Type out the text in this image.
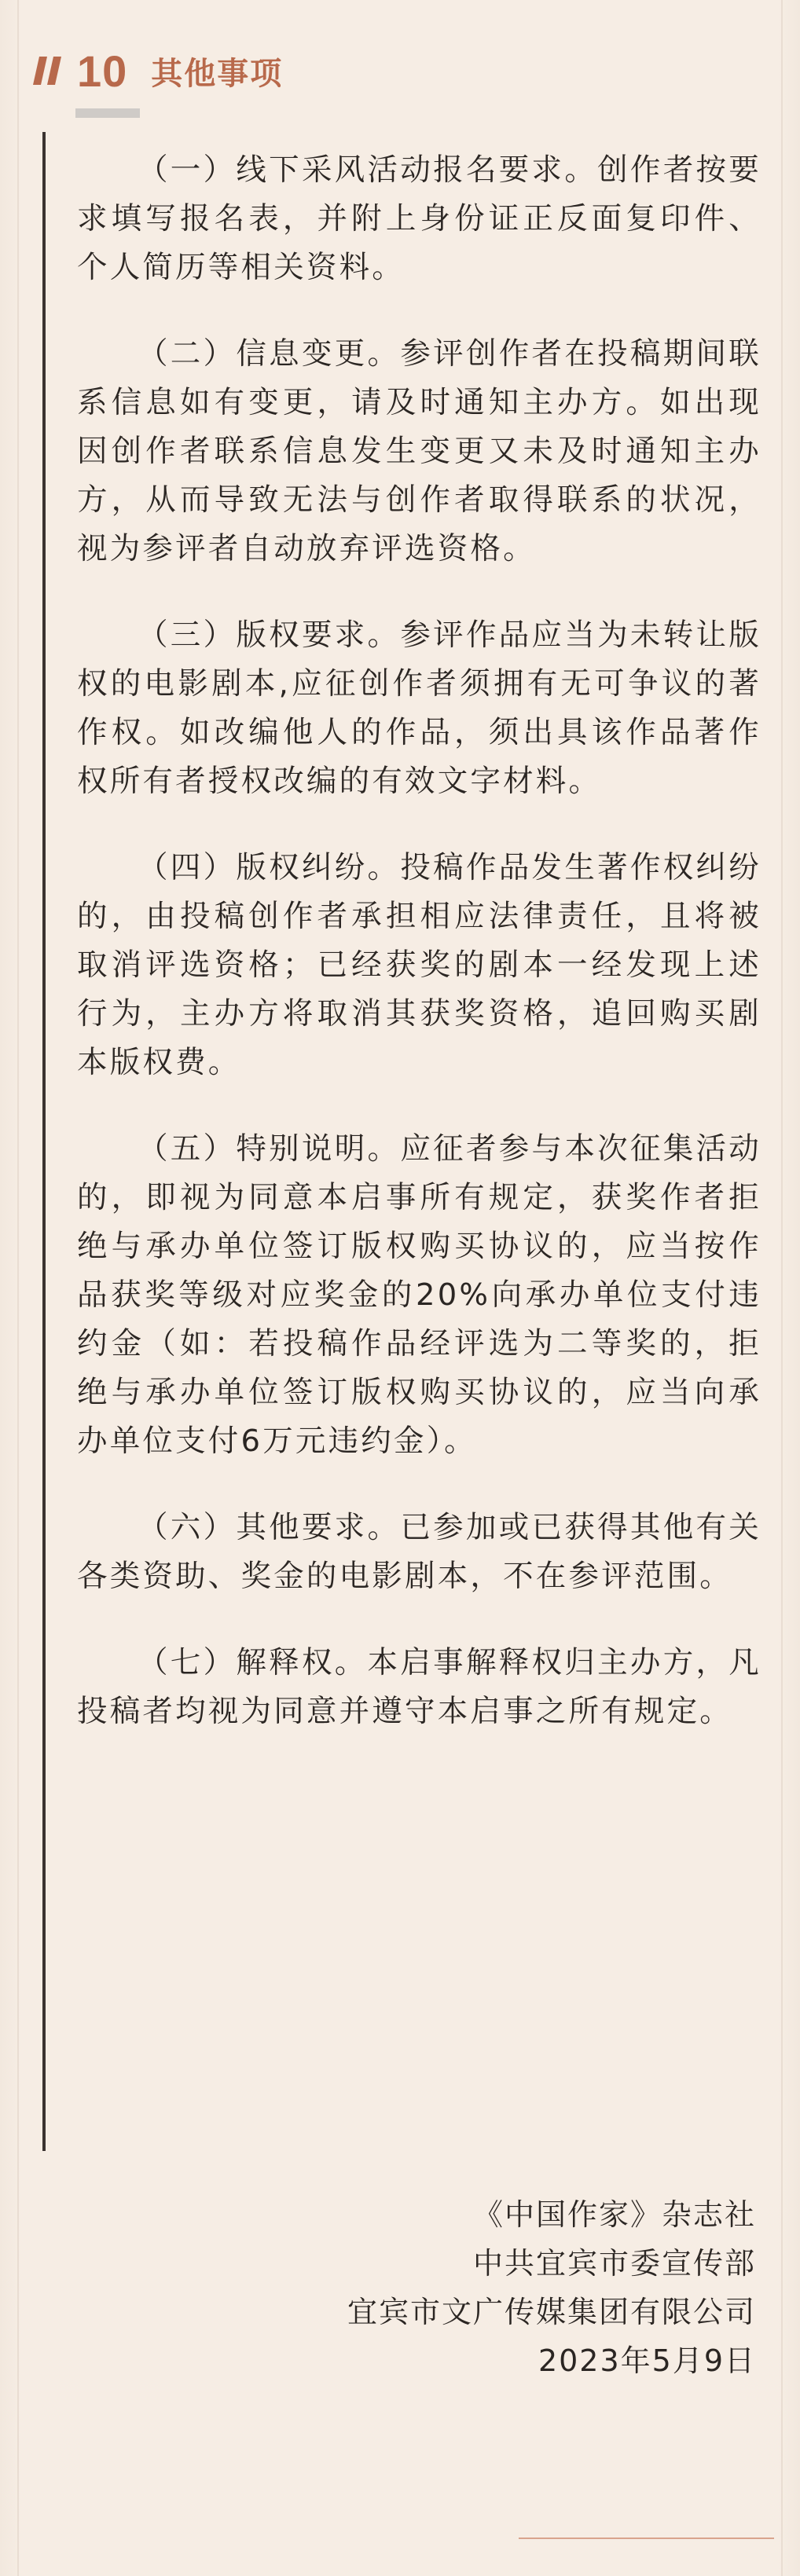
10 其他事项

（一）线下采风活动报名要求。创作者按要求填写报名表，并附上身份证正反面复印件、个人简历等相关资料。

（二）信息变更。参评创作者在投稿期间联系信息如有变更，请及时通知主办方。如出现因创作者联系信息发生变更又未及时通知主办方，从而导致无法与创作者取得联系的状况，视为参评者自动放弃评选资格。

（三）版权要求。参评作品应当为未转让版权的电影剧本,应征创作者须拥有无可争议的著作权。如改编他人的作品，须出具该作品著作权所有者授权改编的有效文字材料。

（四）版权纠纷。投稿作品发生著作权纠纷的，由投稿创作者承担相应法律责任，且将被取消评选资格；已经获奖的剧本一经发现上述行为，主办方将取消其获奖资格，追回购买剧本版权费。

（五）特别说明。应征者参与本次征集活动的，即视为同意本启事所有规定，获奖作者拒绝与承办单位签订版权购买协议的，应当按作品获奖等级对应奖金的20%向承办单位支付违约金（如：若投稿作品经评选为二等奖的，拒绝与承办单位签订版权购买协议的，应当向承办单位支付6万元违约金）。

（六）其他要求。已参加或已获得其他有关各类资助、奖金的电影剧本，不在参评范围。

（七）解释权。本启事解释权归主办方，凡投稿者均视为同意并遵守本启事之所有规定。

《中国作家》杂志社
中共宜宾市委宣传部
宜宾市文广传媒集团有限公司
2023年5月9日
